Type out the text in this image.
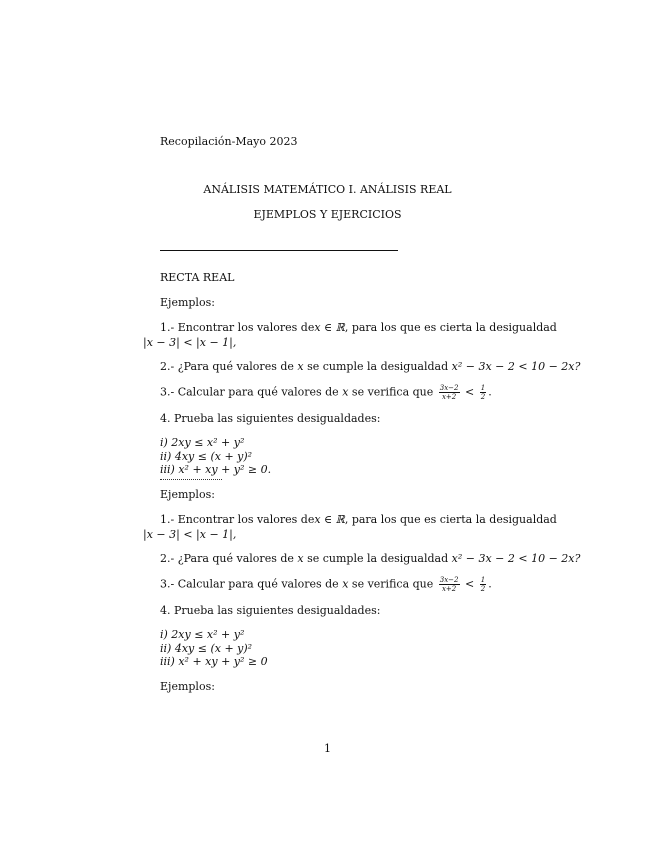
Recopilación-Mayo 2023
ANÁLISIS MATEMÁTICO I. ANÁLISIS REAL
EJEMPLOS Y EJERCICIOS
RECTA REAL
Ejemplos:
1.- Encontrar los valores de x ∈ ℝ , para los que es cierta la desigualdad
|x − 3| < |x − 1|,
2.- ¿Para qué valores de x se cumple la desigualdad x² − 3x − 2 < 10 − 2x?
3.- Calcular para qué valores de x se verifica que $\frac{3x-2}{x+2} < \frac{1}{2}$ .
4. Prueba las siguientes desigualdades:
i) 2xy ≤ x² + y²
ii) 4xy ≤ (x + y)²
iii) x² + xy + y² ≥ 0.
Ejemplos:
1.- Encontrar los valores de x ∈ ℝ , para los que es cierta la desigualdad
|x − 3| < |x − 1|,
2.- ¿Para qué valores de x se cumple la desigualdad x² − 3x − 2 < 10 − 2x?
3.- Calcular para qué valores de x se verifica que $\frac{3x-2}{x+2} < \frac{1}{2}$ .
4. Prueba las siguientes desigualdades:
i) 2xy ≤ x² + y²
ii) 4xy ≤ (x + y)²
iii) x² + xy + y² ≥ 0
Ejemplos:
1
